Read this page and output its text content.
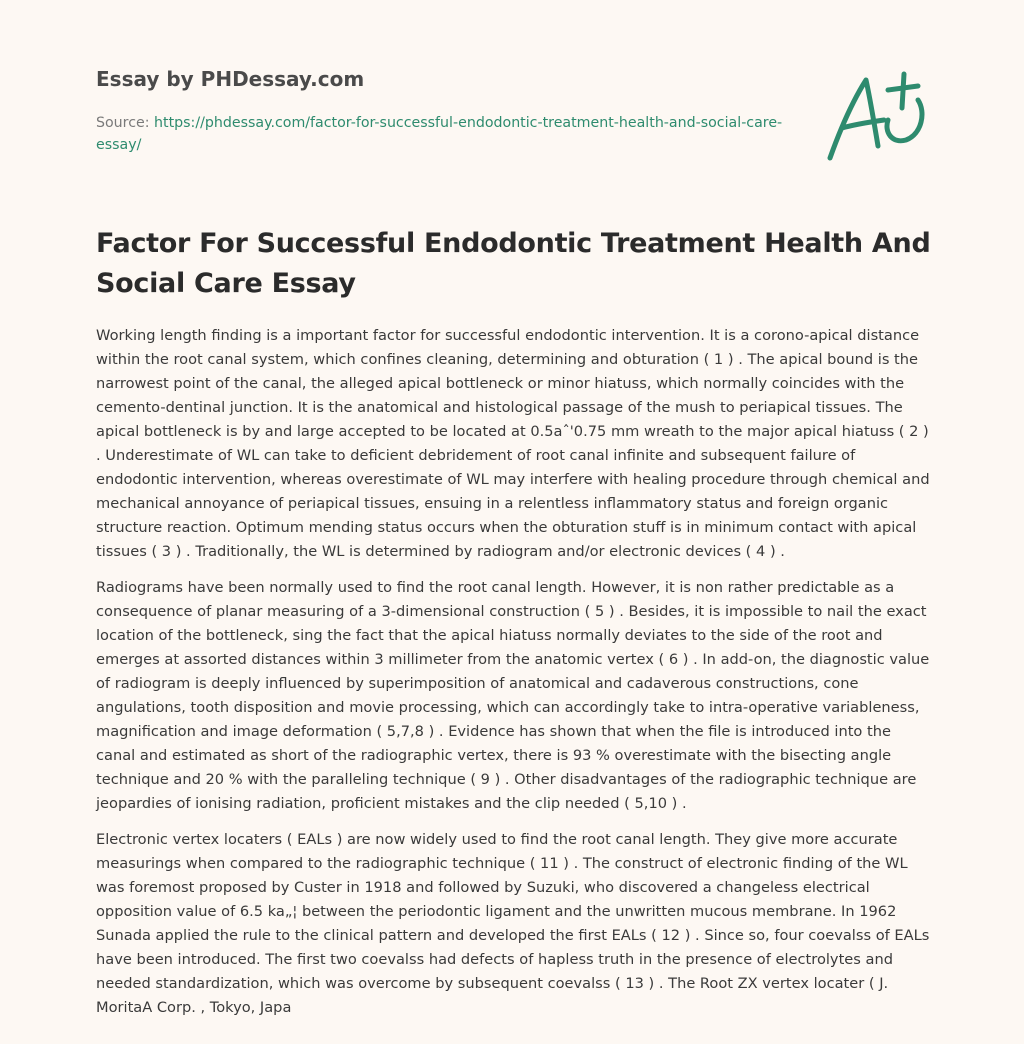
Essay by PHDessay.com
Source: https://phdessay.com/factor-for-successful-endodontic-treatment-health-and-social-care-essay/
Factor For Successful Endodontic Treatment Health And Social Care Essay

Working length finding is a important factor for successful endodontic intervention. It is a corono-apical distance within the root canal system, which confines cleaning, determining and obturation ( 1 ) . The apical bound is the narrowest point of the canal, the alleged apical bottleneck or minor hiatuss, which normally coincides with the cemento-dentinal junction. It is the anatomical and histological passage of the mush to periapical tissues. The apical bottleneck is by and large accepted to be located at 0.5aˆ'0.75 mm wreath to the major apical hiatuss ( 2 ) . Underestimate of WL can take to deficient debridement of root canal infinite and subsequent failure of endodontic intervention, whereas overestimate of WL may interfere with healing procedure through chemical and mechanical annoyance of periapical tissues, ensuing in a relentless inflammatory status and foreign organic structure reaction. Optimum mending status occurs when the obturation stuff is in minimum contact with apical tissues ( 3 ) . Traditionally, the WL is determined by radiogram and/or electronic devices ( 4 ) .

Radiograms have been normally used to find the root canal length. However, it is non rather predictable as a consequence of planar measuring of a 3-dimensional construction ( 5 ) . Besides, it is impossible to nail the exact location of the bottleneck, sing the fact that the apical hiatuss normally deviates to the side of the root and emerges at assorted distances within 3 millimeter from the anatomic vertex ( 6 ) . In add-on, the diagnostic value of radiogram is deeply influenced by superimposition of anatomical and cadaverous constructions, cone angulations, tooth disposition and movie processing, which can accordingly take to intra-operative variableness, magnification and image deformation ( 5,7,8 ) . Evidence has shown that when the file is introduced into the canal and estimated as short of the radiographic vertex, there is 93 % overestimate with the bisecting angle technique and 20 % with the paralleling technique ( 9 ) . Other disadvantages of the radiographic technique are jeopardies of ionising radiation, proficient mistakes and the clip needed ( 5,10 ) .

Electronic vertex locaters ( EALs ) are now widely used to find the root canal length. They give more accurate measurings when compared to the radiographic technique ( 11 ) . The construct of electronic finding of the WL was foremost proposed by Custer in 1918 and followed by Suzuki, who discovered a changeless electrical opposition value of 6.5 ka„¦ between the periodontic ligament and the unwritten mucous membrane. In 1962 Sunada applied the rule to the clinical pattern and developed the first EALs ( 12 ) . Since so, four coevalss of EALs have been introduced. The first two coevalss had defects of hapless truth in the presence of electrolytes and needed standardization, which was overcome by subsequent coevalss ( 13 ) . The Root ZX vertex locater ( J. MoritaA Corp. , Tokyo, Japa
